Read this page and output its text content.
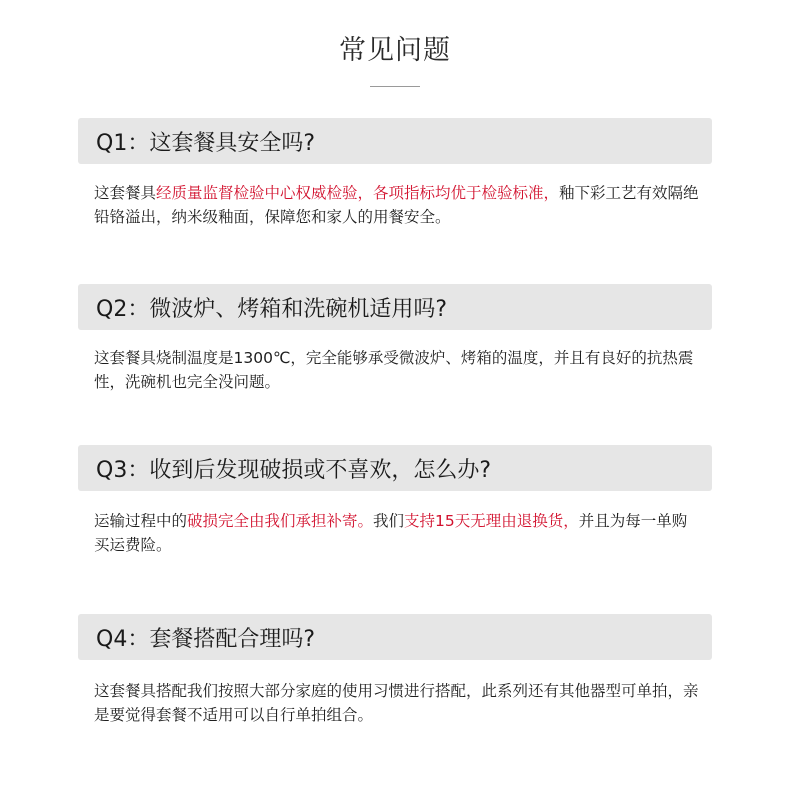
常见问题
Q1：这套餐具安全吗?
这套餐具经质量监督检验中心权威检验，各项指标均优于检验标准，釉下彩工艺有效隔绝铅铬溢出，纳米级釉面，保障您和家人的用餐安全。
Q2：微波炉、烤箱和洗碗机适用吗?
这套餐具烧制温度是1300℃，完全能够承受微波炉、烤箱的温度，并且有良好的抗热震性，洗碗机也完全没问题。
Q3：收到后发现破损或不喜欢，怎么办?
运输过程中的破损完全由我们承担补寄。我们支持15天无理由退换货，并且为每一单购买运费险。
Q4：套餐搭配合理吗?
这套餐具搭配我们按照大部分家庭的使用习惯进行搭配，此系列还有其他器型可单拍，亲是要觉得套餐不适用可以自行单拍组合。
